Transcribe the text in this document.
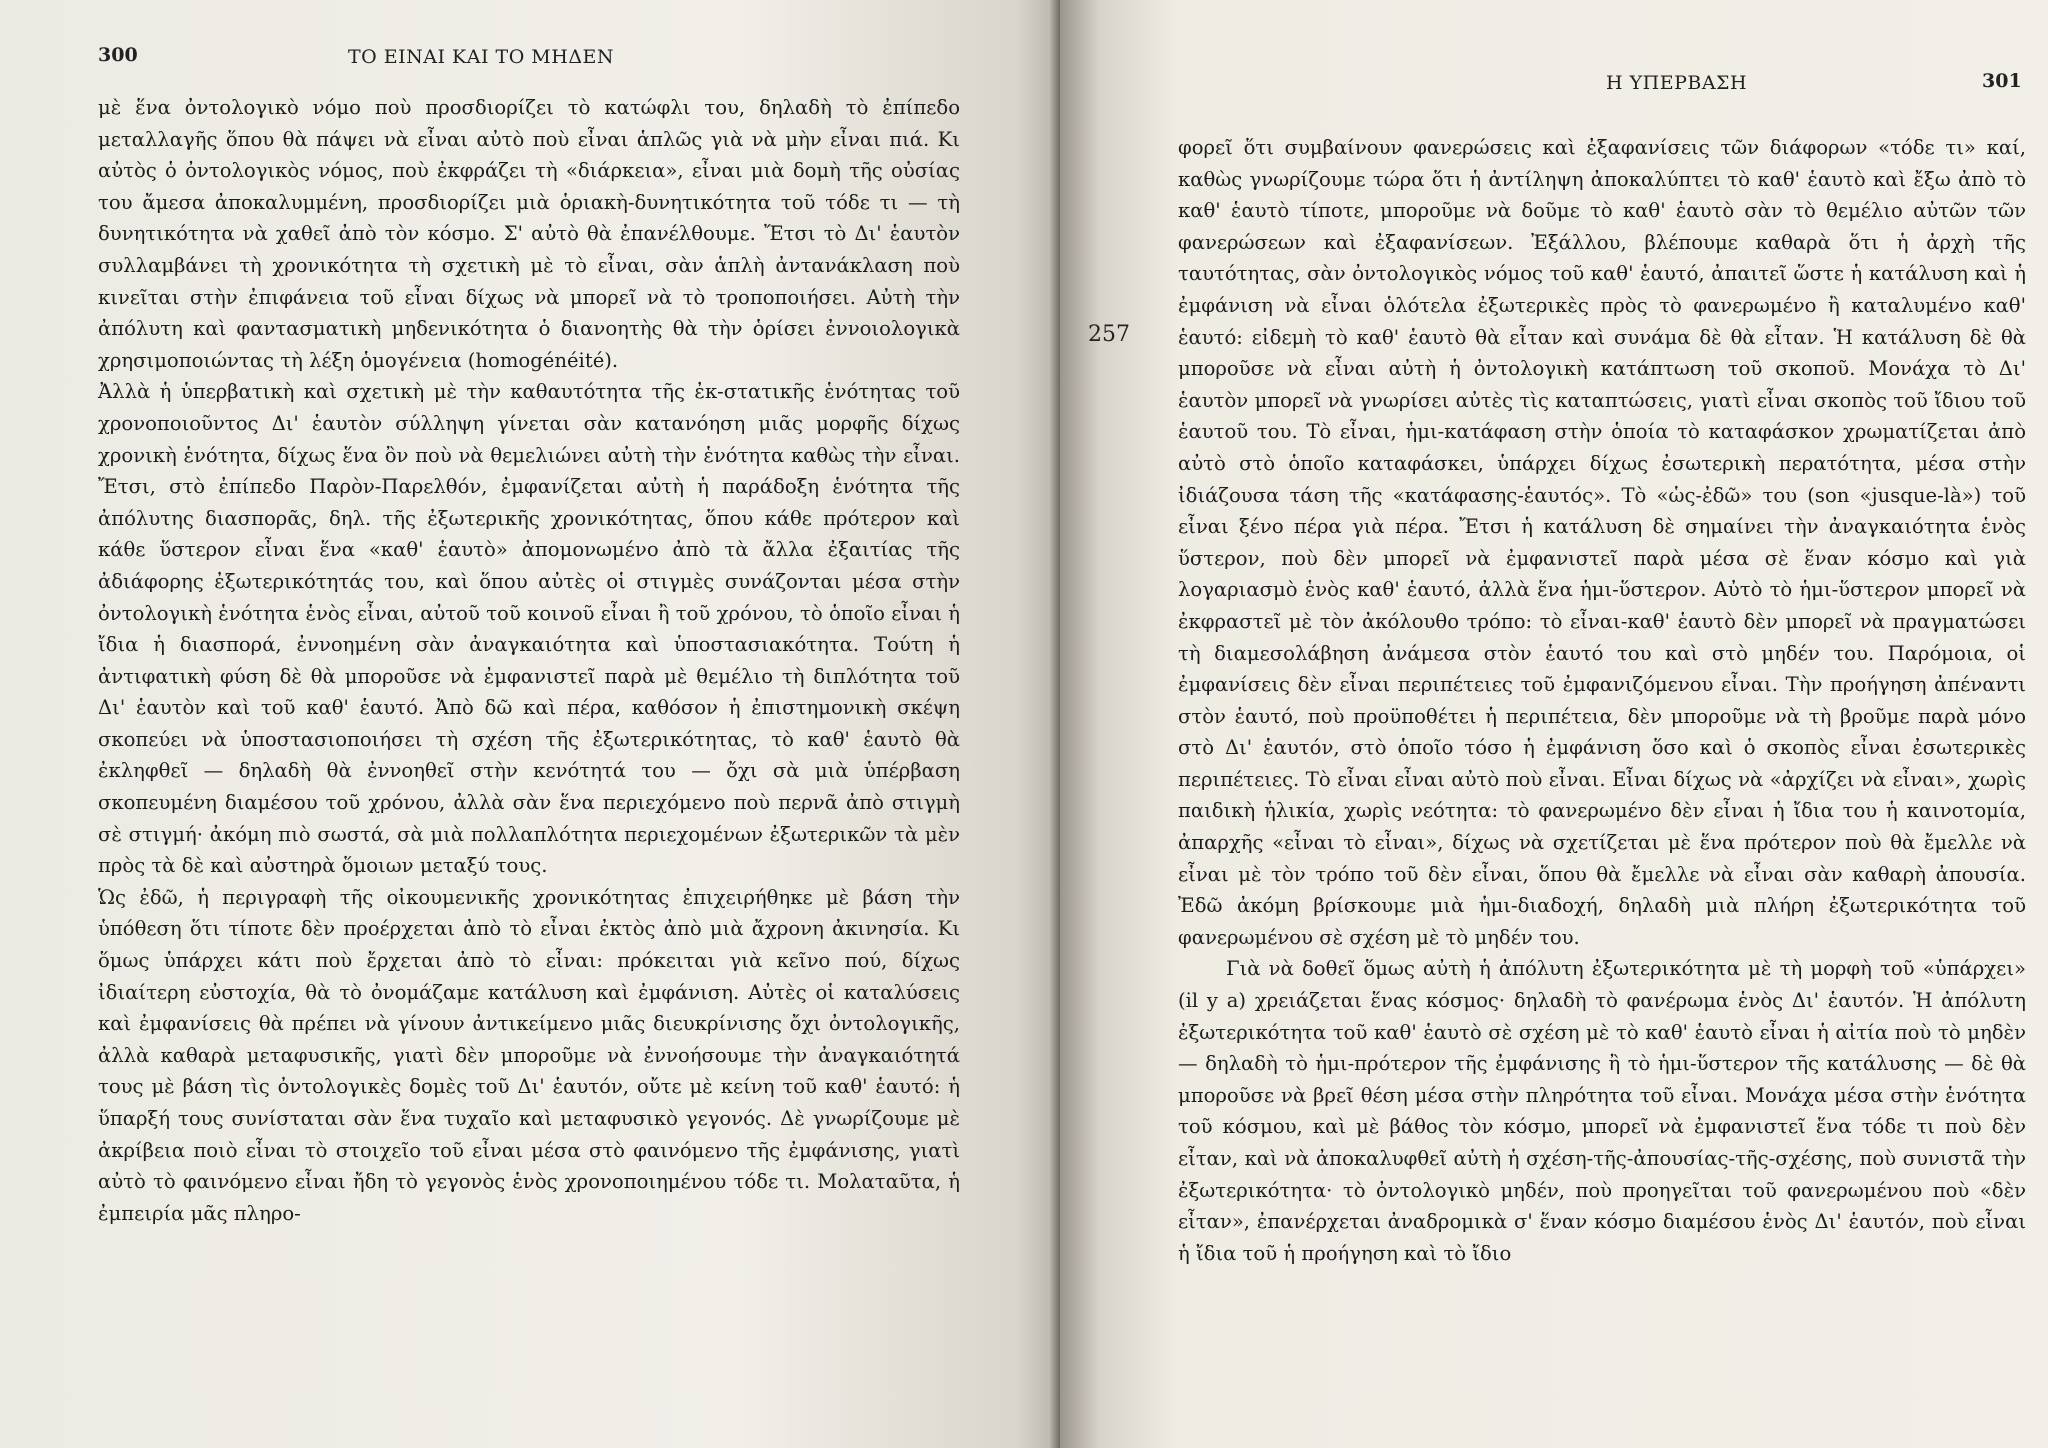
300	ΤΟ ΕΙΝΑΙ ΚΑΙ ΤΟ ΜΗΔΕΝ

μὲ ἕνα ὀντολογικὸ νόμο ποὺ προσδιορίζει τὸ κατώφλι του, δηλαδὴ τὸ ἐπίπεδο μεταλλαγῆς ὅπου θὰ πάψει νὰ εἶναι αὐτὸ ποὺ εἶναι ἁπλῶς γιὰ νὰ μὴν εἶναι πιά. Κι αὐτὸς ὁ ὀντολογικὸς νόμος, ποὺ ἐκφράζει τὴ «διάρκεια», εἶναι μιὰ δομὴ τῆς οὐσίας του ἄμεσα ἀποκαλυμμένη, προσδιορίζει μιὰ ὁριακὴ-δυνητικότητα τοῦ τόδε τι — τὴ δυνητικότητα νὰ χαθεῖ ἀπὸ τὸν κόσμο. Σ' αὐτὸ θὰ ἐπανέλθουμε. Ἔτσι τὸ Δι' ἑαυτὸν συλλαμβάνει τὴ χρονικότητα τὴ σχετικὴ μὲ τὸ εἶναι, σὰν ἁπλὴ ἀντανάκλαση ποὺ κινεῖται στὴν ἐπιφάνεια τοῦ εἶναι δίχως νὰ μπορεῖ νὰ τὸ τροποποιήσει. Αὐτὴ τὴν ἀπόλυτη καὶ φαντασματικὴ μηδενικότητα ὁ διανοητὴς θὰ τὴν ὁρίσει ἐννοιολογικὰ χρησιμοποιώντας τὴ λέξη ὁμογένεια (homogénéité).

Ἀλλὰ ἡ ὑπερβατικὴ καὶ σχετικὴ μὲ τὴν καθαυτότητα τῆς ἐκ-στατικῆς ἑνότητας τοῦ χρονοποιοῦντος Δι' ἑαυτὸν σύλληψη γίνεται σὰν κατανόηση μιᾶς μορφῆς δίχως χρονικὴ ἑνότητα, δίχως ἕνα ὂν ποὺ νὰ θεμελιώνει αὐτὴ τὴν ἑνότητα καθὼς τὴν εἶναι. Ἔτσι, στὸ ἐπίπεδο Παρὸν-Παρελθόν, ἐμφανίζεται αὐτὴ ἡ παράδοξη ἑνότητα τῆς ἀπόλυτης διασπορᾶς, δηλ. τῆς ἐξωτερικῆς χρονικότητας, ὅπου κάθε πρότερον καὶ κάθε ὕστερον εἶναι ἕνα «καθ' ἑαυτὸ» ἀπομονωμένο ἀπὸ τὰ ἄλλα ἐξαιτίας τῆς ἀδιάφορης ἐξωτερικότητάς του, καὶ ὅπου αὐτὲς οἱ στιγμὲς συνάζονται μέσα στὴν ὀντολογικὴ ἑνότητα ἑνὸς εἶναι, αὐτοῦ τοῦ κοινοῦ εἶναι ἢ τοῦ χρόνου, τὸ ὁποῖο εἶναι ἡ ἴδια ἡ διασπορά, ἐννοημένη σὰν ἀναγκαιότητα καὶ ὑποστασιακότητα. Τούτη ἡ ἀντιφατικὴ φύση δὲ θὰ μποροῦσε νὰ ἐμφανιστεῖ παρὰ μὲ θεμέλιο τὴ διπλότητα τοῦ Δι' ἑαυτὸν καὶ τοῦ καθ' ἑαυτό. Ἀπὸ δῶ καὶ πέρα, καθόσον ἡ ἐπιστημονικὴ σκέψη σκοπεύει νὰ ὑποστασιοποιήσει τὴ σχέση τῆς ἐξωτερικότητας, τὸ καθ' ἑαυτὸ θὰ ἐκληφθεῖ — δηλαδὴ θὰ ἐννοηθεῖ στὴν κενότητά του — ὄχι σὰ μιὰ ὑπέρβαση σκοπευμένη διαμέσου τοῦ χρόνου, ἀλλὰ σὰν ἕνα περιεχόμενο ποὺ περνᾶ ἀπὸ στιγμὴ σὲ στιγμή· ἀκόμη πιὸ σωστά, σὰ μιὰ πολλαπλότητα περιεχομένων ἐξωτερικῶν τὰ μὲν πρὸς τὰ δὲ καὶ αὐστηρὰ ὅμοιων μεταξύ τους.

Ὡς ἐδῶ, ἡ περιγραφὴ τῆς οἰκουμενικῆς χρονικότητας ἐπιχειρήθηκε μὲ βάση τὴν ὑπόθεση ὅτι τίποτε δὲν προέρχεται ἀπὸ τὸ εἶναι ἐκτὸς ἀπὸ μιὰ ἄχρονη ἀκινησία. Κι ὅμως ὑπάρχει κάτι ποὺ ἔρχεται ἀπὸ τὸ εἶναι: πρόκειται γιὰ κεῖνο πού, δίχως ἰδιαίτερη εὐστοχία, θὰ τὸ ὀνομάζαμε κατάλυση καὶ ἐμφάνιση. Αὐτὲς οἱ καταλύσεις καὶ ἐμφανίσεις θὰ πρέπει νὰ γίνουν ἀντικείμενο μιᾶς διευκρίνισης ὄχι ὀντολογικῆς, ἀλλὰ καθαρὰ μεταφυσικῆς, γιατὶ δὲν μποροῦμε νὰ ἐννοήσουμε τὴν ἀναγκαιότητά τους μὲ βάση τὶς ὀντολογικὲς δομὲς τοῦ Δι' ἑαυτόν, οὔτε μὲ κείνη τοῦ καθ' ἑαυτό: ἡ ὕπαρξή τους συνίσταται σὰν ἕνα τυχαῖο καὶ μεταφυσικὸ γεγονός. Δὲ γνωρίζουμε μὲ ἀκρίβεια ποιὸ εἶναι τὸ στοιχεῖο τοῦ εἶναι μέσα στὸ φαινόμενο τῆς ἐμφάνισης, γιατὶ αὐτὸ τὸ φαινόμενο εἶναι ἤδη τὸ γεγονὸς ἑνὸς χρονοποιημένου τόδε τι. Μολαταῦτα, ἡ ἐμπειρία μᾶς πληρο-

Η ΥΠΕΡΒΑΣΗ	301
257

φορεῖ ὅτι συμβαίνουν φανερώσεις καὶ ἐξαφανίσεις τῶν διάφορων «τόδε τι» καί, καθὼς γνωρίζουμε τώρα ὅτι ἡ ἀντίληψη ἀποκαλύπτει τὸ καθ' ἑαυτὸ καὶ ἔξω ἀπὸ τὸ καθ' ἑαυτὸ τίποτε, μποροῦμε νὰ δοῦμε τὸ καθ' ἑαυτὸ σὰν τὸ θεμέλιο αὐτῶν τῶν φανερώσεων καὶ ἐξαφανίσεων. Ἐξάλλου, βλέπουμε καθαρὰ ὅτι ἡ ἀρχὴ τῆς ταυτότητας, σὰν ὀντολογικὸς νόμος τοῦ καθ' ἑαυτό, ἀπαιτεῖ ὥστε ἡ κατάλυση καὶ ἡ ἐμφάνιση νὰ εἶναι ὁλότελα ἐξωτερικὲς πρὸς τὸ φανερωμένο ἢ καταλυμένο καθ' ἑαυτό: εἰδεμὴ τὸ καθ' ἑαυτὸ θὰ εἶταν καὶ συνάμα δὲ θὰ εἶταν. Ἡ κατάλυση δὲ θὰ μποροῦσε νὰ εἶναι αὐτὴ ἡ ὀντολογικὴ κατάπτωση τοῦ σκοποῦ. Μονάχα τὸ Δι' ἑαυτὸν μπορεῖ νὰ γνωρίσει αὐτὲς τὶς καταπτώσεις, γιατὶ εἶναι σκοπὸς τοῦ ἴδιου τοῦ ἑαυτοῦ του. Τὸ εἶναι, ἡμι-κατάφαση στὴν ὁποία τὸ καταφάσκον χρωματίζεται ἀπὸ αὐτὸ στὸ ὁποῖο καταφάσκει, ὑπάρχει δίχως ἐσωτερικὴ περατότητα, μέσα στὴν ἰδιάζουσα τάση τῆς «κατάφασης-ἑαυτός». Τὸ «ὡς-ἐδῶ» του (son «jusque-là») τοῦ εἶναι ξένο πέρα γιὰ πέρα. Ἔτσι ἡ κατάλυση δὲ σημαίνει τὴν ἀναγκαιότητα ἑνὸς ὕστερον, ποὺ δὲν μπορεῖ νὰ ἐμφανιστεῖ παρὰ μέσα σὲ ἕναν κόσμο καὶ γιὰ λογαριασμὸ ἑνὸς καθ' ἑαυτό, ἀλλὰ ἕνα ἡμι-ὕστερον. Αὐτὸ τὸ ἡμι-ὕστερον μπορεῖ νὰ ἐκφραστεῖ μὲ τὸν ἀκόλουθο τρόπο: τὸ εἶναι-καθ' ἑαυτὸ δὲν μπορεῖ νὰ πραγματώσει τὴ διαμεσολάβηση ἀνάμεσα στὸν ἑαυτό του καὶ στὸ μηδέν του. Παρόμοια, οἱ ἐμφανίσεις δὲν εἶναι περιπέτειες τοῦ ἐμφανιζόμενου εἶναι. Τὴν προήγηση ἀπέναντι στὸν ἑαυτό, ποὺ προϋποθέτει ἡ περιπέτεια, δὲν μποροῦμε νὰ τὴ βροῦμε παρὰ μόνο στὸ Δι' ἑαυτόν, στὸ ὁποῖο τόσο ἡ ἐμφάνιση ὅσο καὶ ὁ σκοπὸς εἶναι ἐσωτερικὲς περιπέτειες. Τὸ εἶναι εἶναι αὐτὸ ποὺ εἶναι. Εἶναι δίχως νὰ «ἀρχίζει νὰ εἶναι», χωρὶς παιδικὴ ἡλικία, χωρὶς νεότητα: τὸ φανερωμένο δὲν εἶναι ἡ ἴδια του ἡ καινοτομία, ἀπαρχῆς «εἶναι τὸ εἶναι», δίχως νὰ σχετίζεται μὲ ἕνα πρότερον ποὺ θὰ ἔμελλε νὰ εἶναι μὲ τὸν τρόπο τοῦ δὲν εἶναι, ὅπου θὰ ἔμελλε νὰ εἶναι σὰν καθαρὴ ἀπουσία. Ἐδῶ ἀκόμη βρίσκουμε μιὰ ἡμι-διαδοχή, δηλαδὴ μιὰ πλήρη ἐξωτερικότητα τοῦ φανερωμένου σὲ σχέση μὲ τὸ μηδέν του.

Γιὰ νὰ δοθεῖ ὅμως αὐτὴ ἡ ἀπόλυτη ἐξωτερικότητα μὲ τὴ μορφὴ τοῦ «ὑπάρχει» (il y a) χρειάζεται ἕνας κόσμος· δηλαδὴ τὸ φανέρωμα ἑνὸς Δι' ἑαυτόν. Ἡ ἀπόλυτη ἐξωτερικότητα τοῦ καθ' ἑαυτὸ σὲ σχέση μὲ τὸ καθ' ἑαυτὸ εἶναι ἡ αἰτία ποὺ τὸ μηδὲν — δηλαδὴ τὸ ἡμι-πρότερον τῆς ἐμφάνισης ἢ τὸ ἡμι-ὕστερον τῆς κατάλυσης — δὲ θὰ μποροῦσε νὰ βρεῖ θέση μέσα στὴν πληρότητα τοῦ εἶναι. Μονάχα μέσα στὴν ἑνότητα τοῦ κόσμου, καὶ μὲ βάθος τὸν κόσμο, μπορεῖ νὰ ἐμφανιστεῖ ἕνα τόδε τι ποὺ δὲν εἶταν, καὶ νὰ ἀποκαλυφθεῖ αὐτὴ ἡ σχέση-τῆς-ἀπουσίας-τῆς-σχέσης, ποὺ συνιστᾶ τὴν ἐξωτερικότητα· τὸ ὀντολογικὸ μηδέν, ποὺ προηγεῖται τοῦ φανερωμένου ποὺ «δὲν εἶταν», ἐπανέρχεται ἀναδρομικὰ σ' ἕναν κόσμο διαμέσου ἑνὸς Δι' ἑαυτόν, ποὺ εἶναι ἡ ἴδια τοῦ ἡ προήγηση καὶ τὸ ἴδιο
